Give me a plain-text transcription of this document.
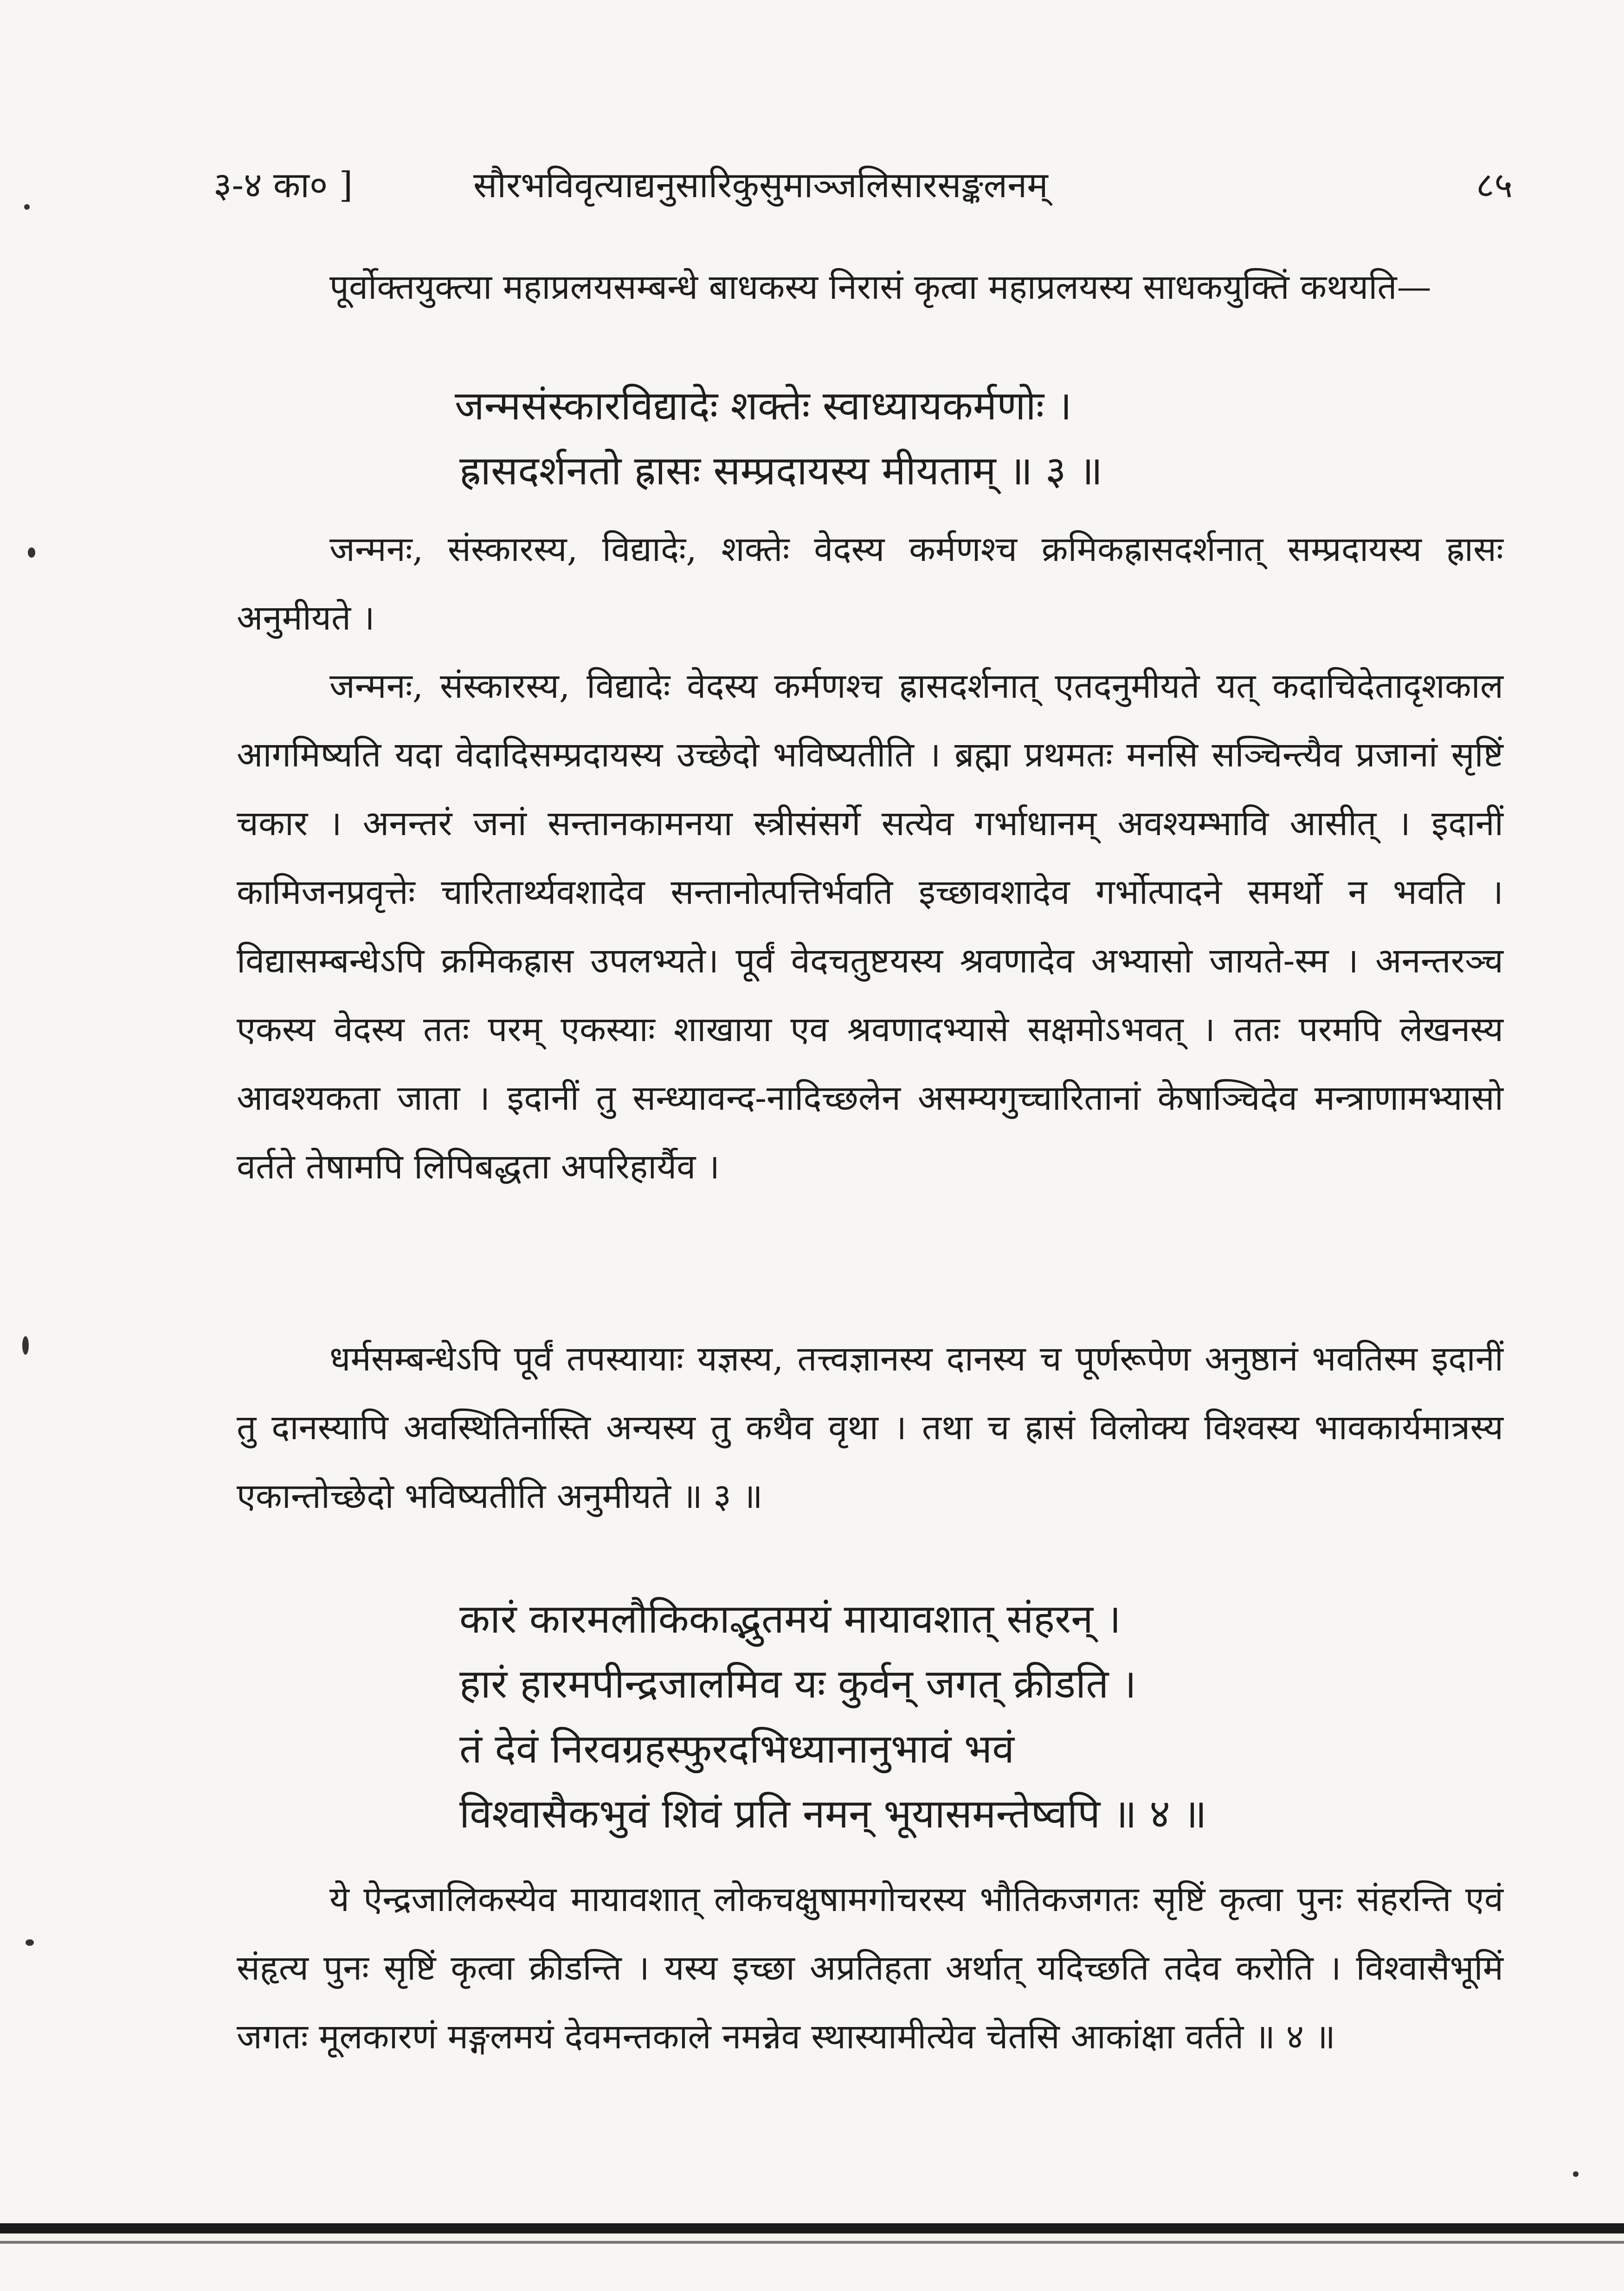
३-४ का० ]	सौरभविवृत्याद्यनुसारिकुसुमाञ्जलिसारसङ्कलनम्	८५

पूर्वोक्तयुक्त्या महाप्रलयसम्बन्धे बाधकस्य निरासं कृत्वा महाप्रलयस्य साधकयुक्तिं कथयति—

जन्मसंस्कारविद्यादेः शक्तेः स्वाध्यायकर्मणोः ।
ह्रासदर्शनतो ह्रासः सम्प्रदायस्य मीयताम् ॥ ३ ॥

जन्मनः, संस्कारस्य, विद्यादेः, शक्तेः वेदस्य कर्मणश्च क्रमिकह्रासदर्शनात् सम्प्रदायस्य ह्रासः अनुमीयते ।

जन्मनः, संस्कारस्य, विद्यादेः वेदस्य कर्मणश्च ह्रासदर्शनात् एतदनुमीयते यत् कदाचिदेतादृशकाल आगमिष्यति यदा वेदादिसम्प्रदायस्य उच्छेदो भविष्यतीति । ब्रह्मा प्रथमतः मनसि सञ्चिन्त्यैव प्रजानां सृष्टिं चकार । अनन्तरं जनां सन्तानकामनया स्त्रीसंसर्गे सत्येव गर्भाधानम् अवश्यम्भावि आसीत् । इदानीं कामिजनप्रवृत्तेः चारितार्थ्यवशादेव सन्तानोत्पत्तिर्भवति इच्छावशादेव गर्भोत्पादने समर्थो न भवति । विद्यासम्बन्धेऽपि क्रमिकह्रास उपलभ्यते। पूर्वं वेदचतुष्टयस्य श्रवणादेव अभ्यासो जायते-स्म । अनन्तरञ्च एकस्य वेदस्य ततः परम् एकस्याः शाखाया एव श्रवणादभ्यासे सक्षमोऽभवत् । ततः परमपि लेखनस्य आवश्यकता जाता । इदानीं तु सन्ध्यावन्द-नादिच्छलेन असम्यगुच्चारितानां केषाञ्चिदेव मन्त्राणामभ्यासो वर्तते तेषामपि लिपिबद्धता अपरिहार्यैव ।

धर्मसम्बन्धेऽपि पूर्वं तपस्यायाः यज्ञस्य, तत्त्वज्ञानस्य दानस्य च पूर्णरूपेण अनुष्ठानं भवतिस्म इदानीं तु दानस्यापि अवस्थितिर्नास्ति अन्यस्य तु कथैव वृथा । तथा च ह्रासं विलोक्य विश्वस्य भावकार्यमात्रस्य एकान्तोच्छेदो भविष्यतीति अनुमीयते ॥ ३ ॥

कारं कारमलौकिकाद्भुतमयं मायावशात् संहरन् ।
हारं हारमपीन्द्रजालमिव यः कुर्वन् जगत् क्रीडति ।
तं देवं निरवग्रहस्फुरदभिध्यानानुभावं भवं
विश्वासैकभुवं शिवं प्रति नमन् भूयासमन्तेष्वपि ॥ ४ ॥

ये ऐन्द्रजालिकस्येव मायावशात् लोकचक्षुषामगोचरस्य भौतिकजगतः सृष्टिं कृत्वा पुनः संहरन्ति एवं संहृत्य पुनः सृष्टिं कृत्वा क्रीडन्ति । यस्य इच्छा अप्रतिहता अर्थात् यदिच्छति तदेव करोति । विश्वासैभूमिं जगतः मूलकारणं मङ्गलमयं देवमन्तकाले नमन्नेव स्थास्यामीत्येव चेतसि आकांक्षा वर्तते ॥ ४ ॥
